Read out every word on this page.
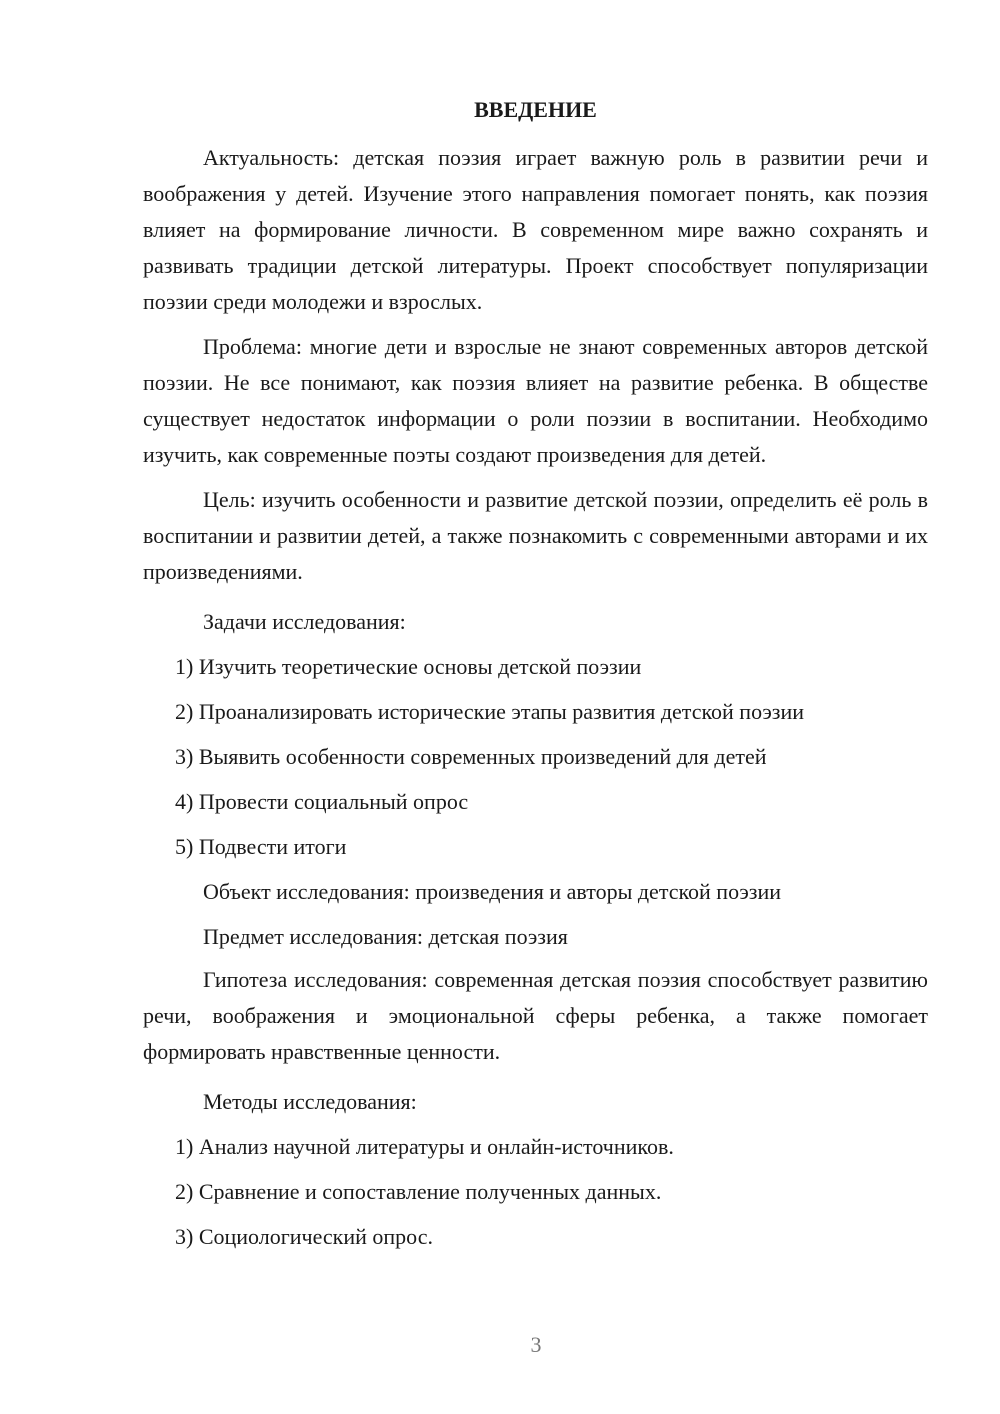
ВВЕДЕНИЕ

Актуальность: детская поэзия играет важную роль в развитии речи и воображения у детей. Изучение этого направления помогает понять, как поэзия влияет на формирование личности. В современном мире важно сохранять и развивать традиции детской литературы. Проект способствует популяризации поэзии среди молодежи и взрослых.

Проблема: многие дети и взрослые не знают современных авторов детской поэзии. Не все понимают, как поэзия влияет на развитие ребенка. В обществе существует недостаток информации о роли поэзии в воспитании. Необходимо изучить, как современные поэты создают произведения для детей.

Цель: изучить особенности и развитие детской поэзии, определить её роль в воспитании и развитии детей, а также познакомить с современными авторами и их произведениями.

Задачи исследования:

1) Изучить теоретические основы детской поэзии

2) Проанализировать исторические этапы развития детской поэзии

3) Выявить особенности современных произведений для детей

4) Провести социальный опрос

5) Подвести итоги

Объект исследования: произведения и авторы детской поэзии

Предмет исследования: детская поэзия

Гипотеза исследования: современная детская поэзия способствует развитию речи, воображения и эмоциональной сферы ребенка, а также помогает формировать нравственные ценности.

Методы исследования:

1) Анализ научной литературы и онлайн-источников.

2) Сравнение и сопоставление полученных данных.

3) Социологический опрос.

3
